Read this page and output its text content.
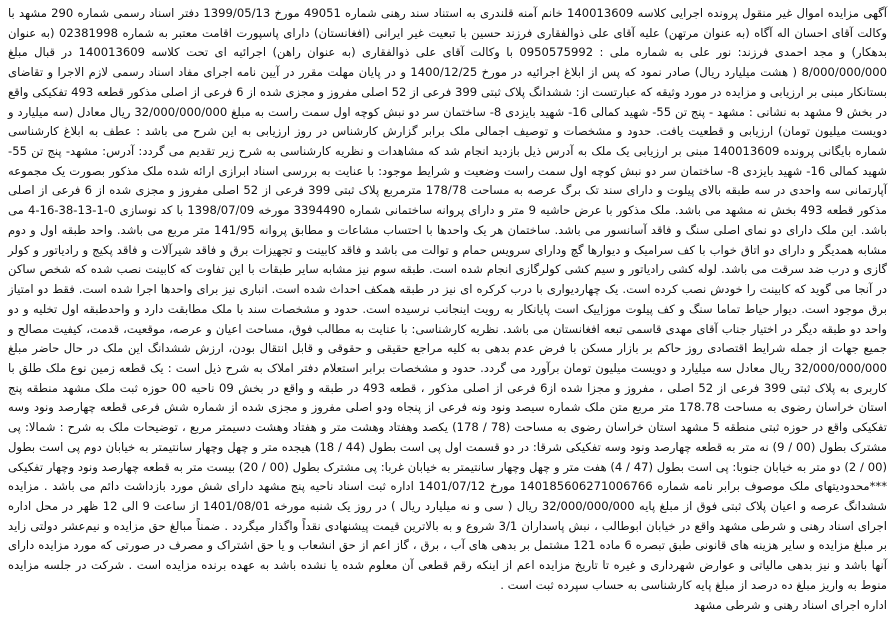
آگهی مزایده اموال غیر منقول پرونده اجرایی کلاسه 140013609 خانم آمنه قلندری به استناد سند رهنی شماره 49051 مورخ 1399/05/13 دفتر اسناد رسمی شماره 290 مشهد با وکالت آقای احسان اله آگاه (به عنوان مرتهن) علیه آقای علی ذوالفقاری فرزند حسین با تبعیت غیر ایرانی (افغانستان) دارای پاسپورت اقامت معتبر به شماره 02381998 (به عنوان بدهکار) و مجد احمدی فرزند: نور علی به شماره ملی : 0950575992 با وکالت آقای علی ذوالفقاری (به عنوان راهن) اجرائیه ای تحت کلاسه 140013609 در قبال مبلغ 8/000/000/000 ( هشت میلیارد ریال) صادر نمود که پس از ابلاغ اجرائیه در مورخ 1400/12/25 و در پایان مهلت مقرر در آیین نامه اجرای مفاد اسناد رسمی لازم الاجرا و تقاضای بستانکار مبنی بر ارزیابی و مزایده در مورد وثیقه که عبارتست از: ششدانگ پلاک ثبتی 399 فرعی از 52 اصلی مفروز و مجزی شده از 6 فرعی از اصلی مذکور قطعه 493 تفکیکی واقع در بخش 9 مشهد به نشانی : مشهد - پنج تن 55- شهید کمالی 16- شهید بایزدی 8- ساختمان سر دو نبش کوچه اول سمت راست به مبلغ 32/000/000/000 ریال معادل (سه میلیارد و دویست میلیون تومان) ارزیابی و قطعیت یافت. حدود و مشخصات و توصیف اجمالی ملک برابر گزارش کارشناس در روز ارزیابی به این شرح می باشد : عطف به ابلاغ کارشناسی شماره بایگانی پرونده 140013609 مبنی بر ارزیابی یک ملک به آدرس ذیل بازدید انجام شد که مشاهدات و نظریه کارشناسی به شرح زیر تقدیم می گردد: آدرس: مشهد- پنج تن 55- شهید کمالی 16- شهید بایزدی 8- ساختمان سر دو نبش کوچه اول سمت راست وضعیت و شرایط موجود: با عنایت به بررسی اسناد ابرازی ارائه شده ملک مذکور بصورت یک مجموعه آپارتمانی سه واحدی در سه طبقه بالای پیلوت و دارای سند تک برگ عرصه به مساحت 178/78 مترمربع پلاک ثبتی 399 فرعی از 52 اصلی مفروز و مجزی شده از 6 فرعی از اصلی مذکور قطعه 493 بخش نه مشهد می باشد. ملک مذکور با عرض حاشیه 9 متر و دارای پروانه ساختمانی شماره 3394490 مورخه 1398/07/09 با کد نوسازی 0-1-13-38-16-4 می باشد. این ملک دارای دو نمای اصلی سنگ و فاقد آسانسور می باشد. ساختمان هر یک واحدها با احتساب مشاعات و مطابق پروانه 141/95 متر مربع می باشد. واحد طبقه اول و دوم مشابه همدیگر و دارای دو اتاق خواب با کف سرامیک و دیوارها گچ ودارای سرویس حمام و توالت می باشد و فاقد کابینت و تجهیزات برق و فاقد شیرآلات و فاقد پکیج و رادیاتور و کولر گازی و درب ضد سرقت می باشد. لوله کشی رادیاتور و سیم کشی کولرگازی انجام شده است. طبقه سوم نیز مشابه سایر طبقات با این تفاوت که کابینت نصب شده که شخص ساکن در آنجا می گوید که کابینت را خودش نصب کرده است. یک چهاردیواری با درب کرکره ای نیز در طبقه همکف احداث شده است. انباری نیز برای واحدها اجرا شده است. فقط دو امتیاز برق موجود است. دیوار حیاط تماما سنگ و کف پیلوت موزاییک است پایانکار به رویت اینجانب نرسیده است. حدود و مشخصات سند با ملک مطابقت دارد و واحدطبقه اول تخلیه و دو واحد دو طبقه دیگر در اختیار جناب آقای مهدی قاسمی تبعه افغانستان می باشد. نظریه کارشناسی: با عنایت به مطالب فوق، مساحت اعیان و عرصه، موقعیت، قدمت، کیفیت مصالح و جمیع جهات از جمله شرایط اقتصادی روز حاکم بر بازار مسکن با فرض عدم بدهی به کلیه مراجع حقیقی و حقوقی و قابل انتقال بودن، ارزش ششدانگ این ملک در حال حاضر مبلغ 32/000/000/000 ریال معادل سه میلیارد و دویست میلیون تومان برآورد می گردد. حدود و مشخصات برابر استعلام دفتر املاک به شرح ذیل است : یک قطعه زمین نوع ملک طلق با کاربری به پلاک ثبتی 399 فرعی از 52 اصلی ، مفروز و مجزا شده از6 فرعی از اصلی مذکور ، قطعه 493 در طبقه و واقع در بخش 09 ناحیه 00 حوزه ثبت ملک مشهد منطقه پنج استان خراسان رضوی به مساحت 178.78 متر مربع متن ملک شماره سیصد ونود ونه فرعی از پنجاه ودو اصلی مفروز و مجزی شده از شماره شش فرعی قطعه چهارصد ونود وسه تفکیکی واقع در حوزه ثبتی منطقه 5 مشهد استان خراسان رضوی به مساحت (78 / 178) یکصد وهفتاد وهشت متر و هفتاد وهشت دسیمتر مربع ، توضیحات ملک به شرح : شمالا: پی مشترک بطول (00 / 9) نه متر به قطعه چهارصد ونود وسه تفکیکی شرقا: در دو قسمت اول پی است بطول (44 / 18) هیجده متر و چهل وچهار سانتیمتر به خیابان دوم پی است بطول (00 / 2) دو متر به خیابان جنوبا: پی است بطول (47 / 4) هفت متر و چهل وچهار سانتیمتر به خیابان غربا: پی مشترک بطول (00 / 20) بیست متر به قطعه چهارصد ونود وچهار تفکیکی ***محدودیتهای ملک موصوف برابر نامه شماره 140185606271006766 مورخ 1401/07/12 اداره ثبت اسناد ناحیه پنج مشهد دارای شش مورد بازداشت دائم می باشد . مزایده ششدانگ عرصه و اعیان پلاک ثبتی فوق از مبلغ پایه 32/000/000/000 ریال ( سی و نه میلیارد ریال ) در روز یک شنبه مورخه 1401/08/01 از ساعت 9 الی 12 ظهر در محل اداره اجرای اسناد رهنی و شرطی مشهد واقع در خیابان ابوطالب ، نبش پاسداران 3/1 شروع و به بالاترین قیمت پیشنهادی نقداً واگذار میگردد . ضمناً مبالغ حق مزایده و نیم‌عشر دولتی زاید بر مبلغ مزایده و سایر هزینه های قانونی طبق تبصره 6 ماده 121 مشتمل بر بدهی های آب ، برق ، گاز اعم از حق انشعاب و یا حق اشتراک و مصرف در صورتی که مورد مزایده دارای آنها باشد و نیز بدهی مالیاتی و عوارض شهرداری و غیره تا تاریخ مزایده اعم از اینکه رقم قطعی آن معلوم شده یا نشده باشد به عهده برنده مزایده است . شرکت در جلسه مزایده منوط به واریز مبلغ ده درصد از مبلغ پایه کارشناسی به حساب سپرده ثبت است .

اداره اجرای اسناد رهنی و شرطی مشهد
